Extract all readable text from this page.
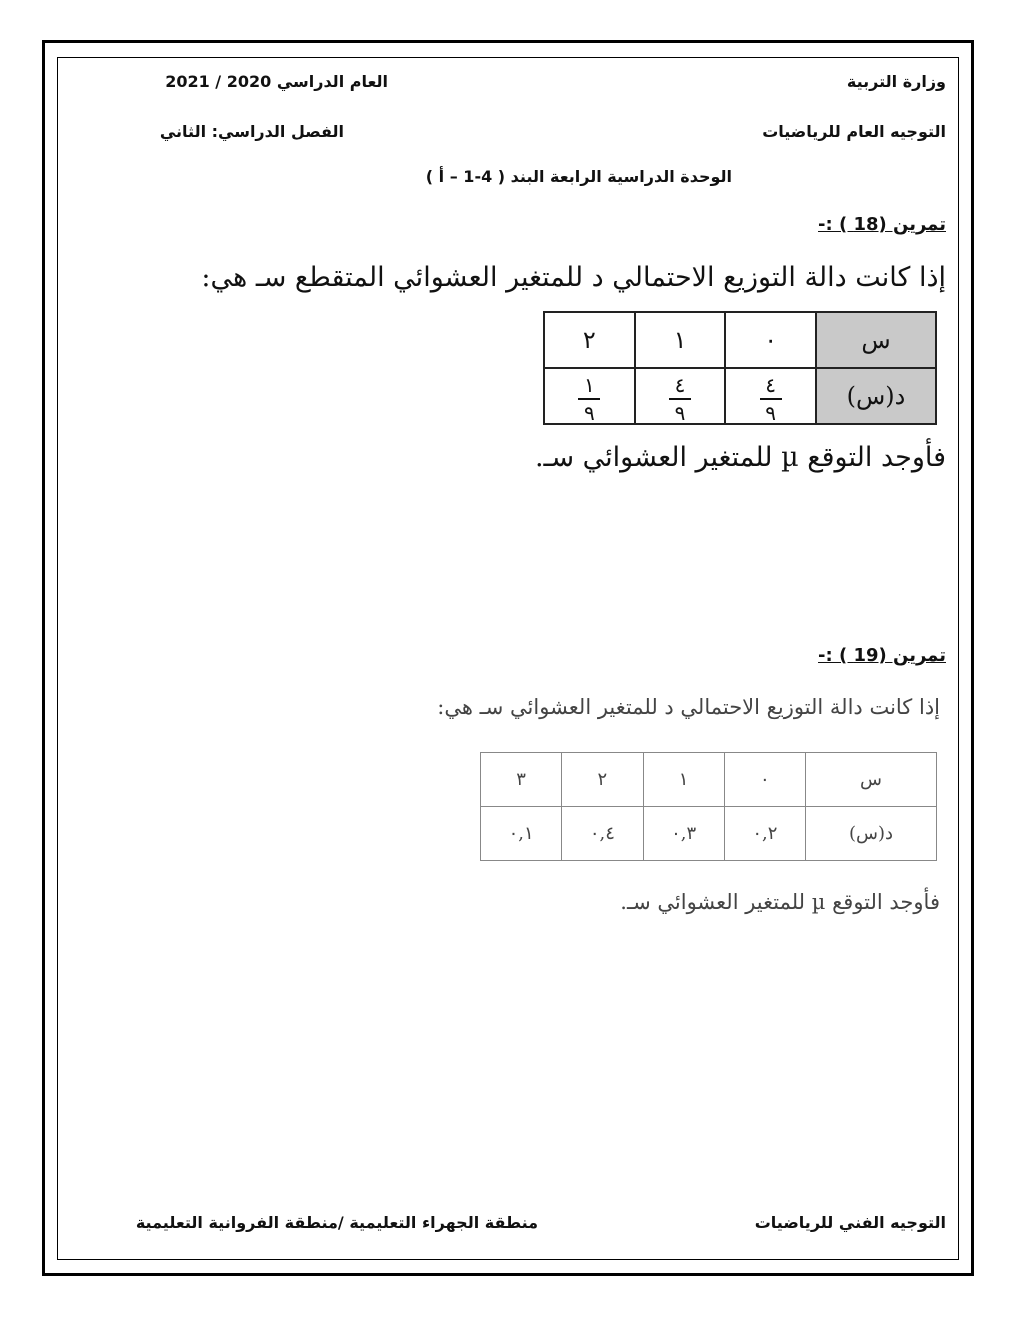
وزارة التربية
العام الدراسي 2020 / 2021
التوجيه العام للرياضيات
الفصل الدراسي: الثاني
الوحدة الدراسية الرابعة البند ( 4-1 – أ )
تمرين (18 ) :-
إذا كانت دالة التوزيع الاحتمالي د للمتغير العشوائي المتقطع سـ هي:
س	٠	١	٢
د(س)	$\frac{٤}{٩}$	$\frac{٤}{٩}$	$\frac{١}{٩}$
فأوجد التوقع µ للمتغير العشوائي سـ.
تمرين (19 ) :-
إذا كانت دالة التوزيع الاحتمالي د للمتغير العشوائي سـ هي:
س	٠	١	٢	٣
د(س)	٠,٢	٠,٣	٠,٤	٠,١
فأوجد التوقع µ للمتغير العشوائي سـ.
التوجيه الفني للرياضيات
منطقة الجهراء التعليمية /منطقة الفروانية التعليمية
